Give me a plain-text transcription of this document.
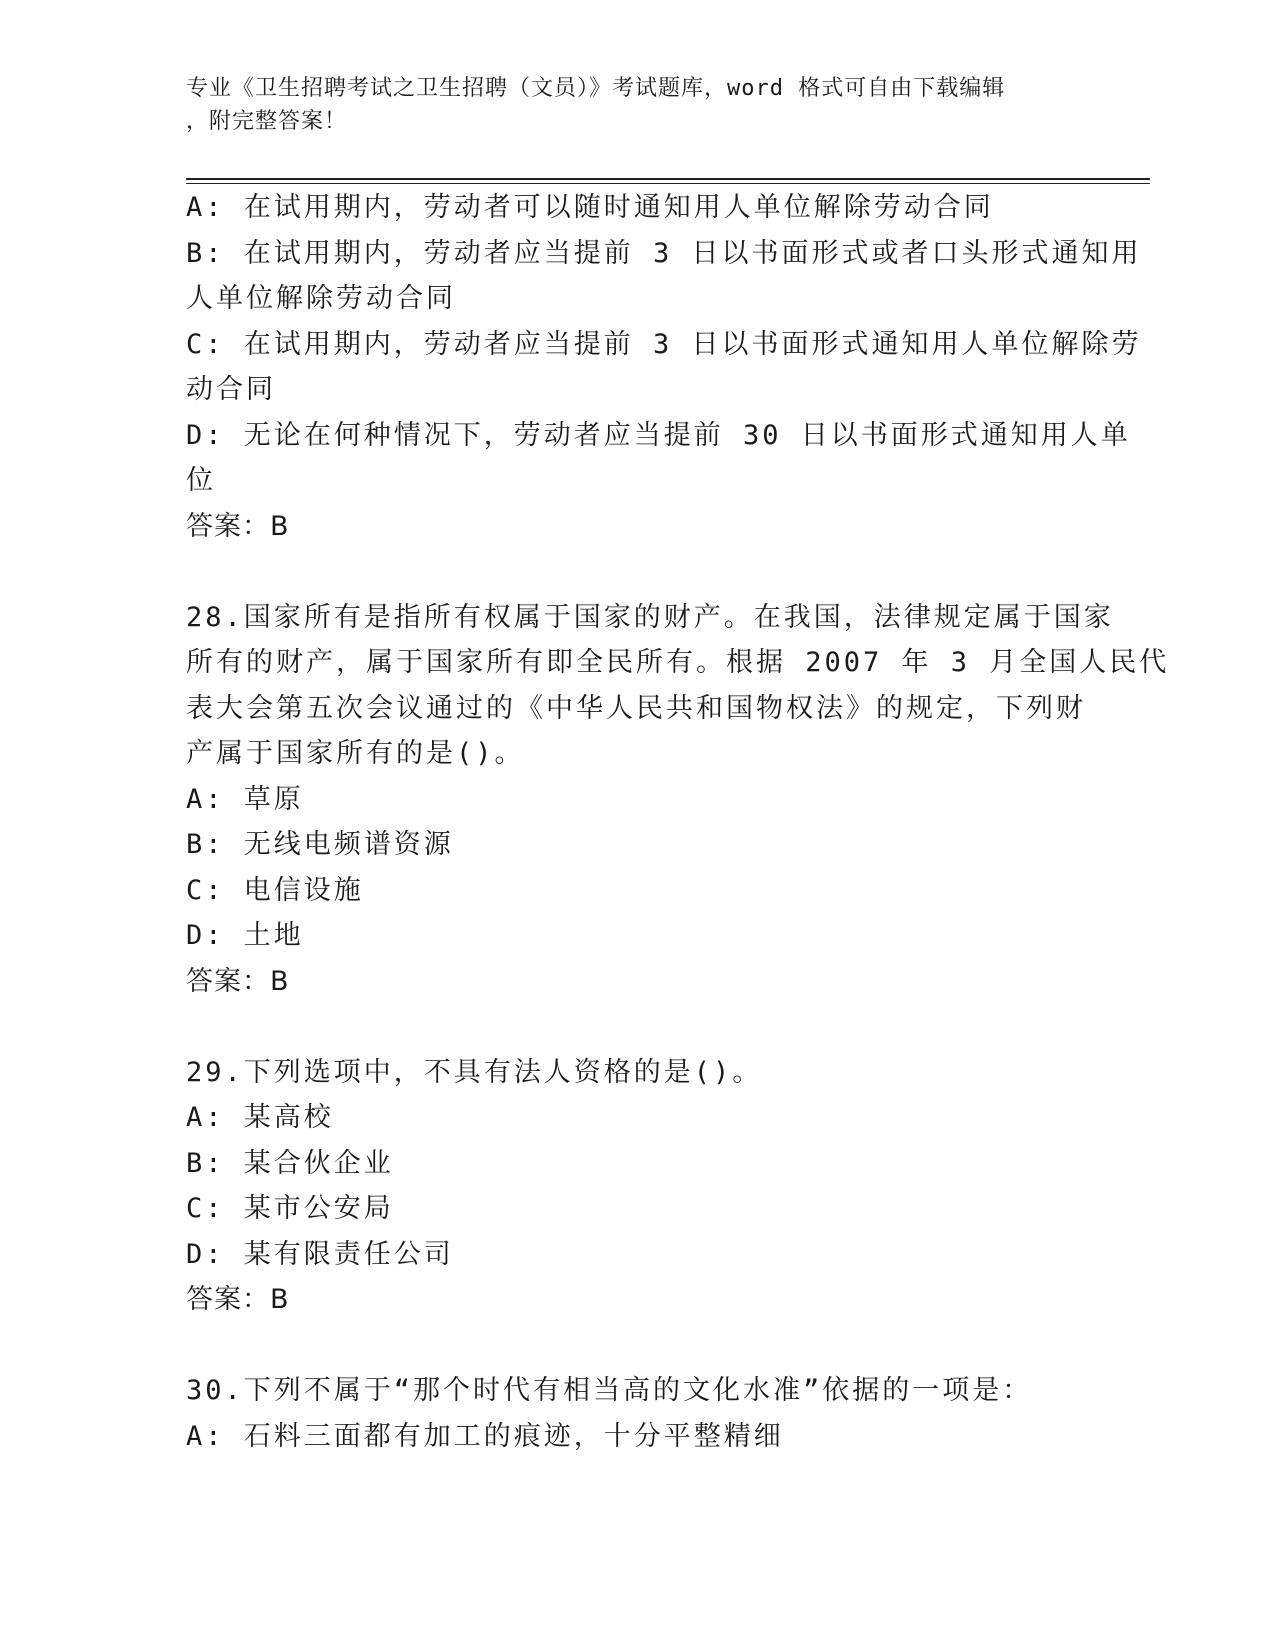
专业《卫生招聘考试之卫生招聘（文员）》考试题库，word 格式可自由下载编辑
，附完整答案！

A: 在试用期内，劳动者可以随时通知用人单位解除劳动合同

B: 在试用期内，劳动者应当提前 3 日以书面形式或者口头形式通知用

人单位解除劳动合同

C: 在试用期内，劳动者应当提前 3 日以书面形式通知用人单位解除劳

动合同

D: 无论在何种情况下，劳动者应当提前 30 日以书面形式通知用人单

位

答案：B

28.国家所有是指所有权属于国家的财产。在我国，法律规定属于国家

所有的财产，属于国家所有即全民所有。根据 2007 年 3 月全国人民代

表大会第五次会议通过的《中华人民共和国物权法》的规定，下列财

产属于国家所有的是()。

A: 草原

B: 无线电频谱资源

C: 电信设施

D: 土地

答案：B

29.下列选项中，不具有法人资格的是()。

A: 某高校

B: 某合伙企业

C: 某市公安局

D: 某有限责任公司

答案：B

30.下列不属于“那个时代有相当高的文化水准”依据的一项是：

A: 石料三面都有加工的痕迹，十分平整精细
